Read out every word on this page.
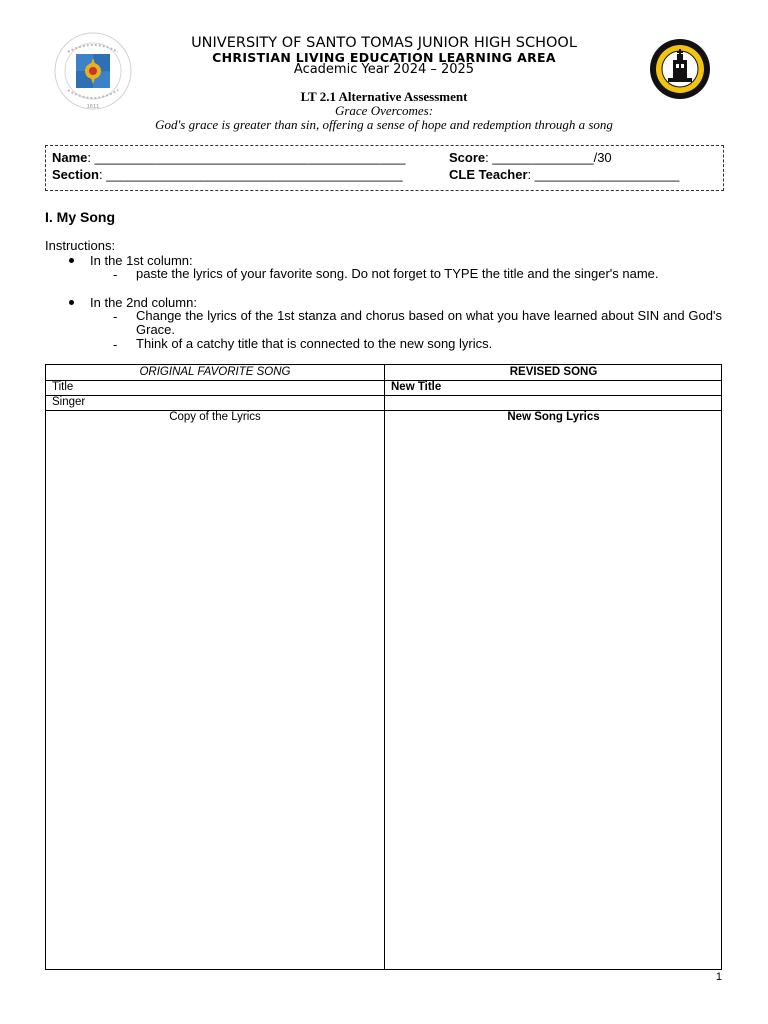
1611
UNIVERSITY OF SANTO TOMAS JUNIOR HIGH SCHOOL
CHRISTIAN LIVING EDUCATION LEARNING AREA
Academic Year 2024 – 2025
LT 2.1 Alternative Assessment
Grace Overcomes:
God's grace is greater than sin, offering a sense of hope and redemption through a song
Name: ___________________________________________	Score: ______________/30
Section: _________________________________________	CLE Teacher: ____________________
I. My Song
Instructions:
In the 1st column:
- paste the lyrics of your favorite song. Do not forget to TYPE the title and the singer's name.
In the 2nd column:
- Change the lyrics of the 1st stanza and chorus based on what you have learned about SIN and God's Grace.
- Think of a catchy title that is connected to the new song lyrics.
ORIGINAL FAVORITE SONG	REVISED SONG
Title	New Title
Singer
Copy of the Lyrics	New Song Lyrics
1
